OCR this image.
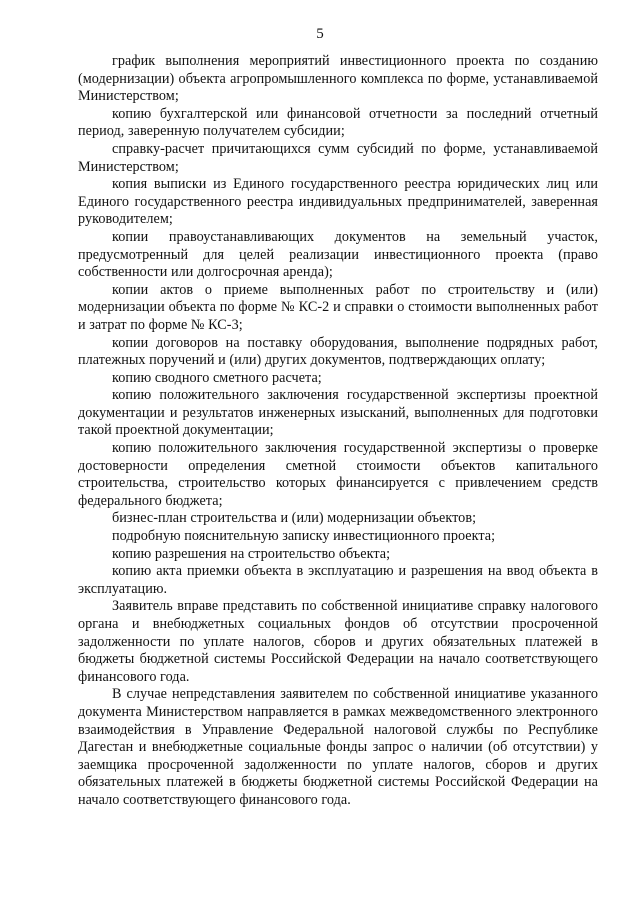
5

график выполнения мероприятий инвестиционного проекта по созданию (модернизации) объекта агропромышленного комплекса по форме, устанавливаемой Министерством;

копию бухгалтерской или финансовой отчетности за последний отчетный период, заверенную получателем субсидии;

справку-расчет причитающихся сумм субсидий по форме, устанавливаемой Министерством;

копия выписки из Единого государственного реестра юридических лиц или Единого государственного реестра индивидуальных предпринимателей, заверенная руководителем;

копии правоустанавливающих документов на земельный участок, предусмотренный для целей реализации инвестиционного проекта (право собственности или долгосрочная аренда);

копии актов о приеме выполненных работ по строительству и (или) модернизации объекта по форме № КС-2 и справки о стоимости выполненных работ и затрат по форме № КС-3;

копии договоров на поставку оборудования, выполнение подрядных работ, платежных поручений и (или) других документов, подтверждающих оплату;

копию сводного сметного расчета;

копию положительного заключения государственной экспертизы проектной документации и результатов инженерных изысканий, выполненных для подготовки такой проектной документации;

копию положительного заключения государственной экспертизы о проверке достоверности определения сметной стоимости объектов капитального строительства, строительство которых финансируется с привлечением средств федерального бюджета;

бизнес-план строительства и (или) модернизации объектов;

подробную пояснительную записку инвестиционного проекта;

копию разрешения на строительство объекта;

копию акта приемки объекта в эксплуатацию и разрешения на ввод объекта в эксплуатацию.

Заявитель вправе представить по собственной инициативе справку налогового органа и внебюджетных социальных фондов об отсутствии просроченной задолженности по уплате налогов, сборов и других обязательных платежей в бюджеты бюджетной системы Российской Федерации на начало соответствующего финансового года.

В случае непредставления заявителем по собственной инициативе указанного документа Министерством направляется в рамках межведомственного электронного взаимодействия в Управление Федеральной налоговой службы по Республике Дагестан и внебюджетные социальные фонды запрос о наличии (об отсутствии) у заемщика просроченной задолженности по уплате налогов, сборов и других обязательных платежей в бюджеты бюджетной системы Российской Федерации на начало соответствующего финансового года.
